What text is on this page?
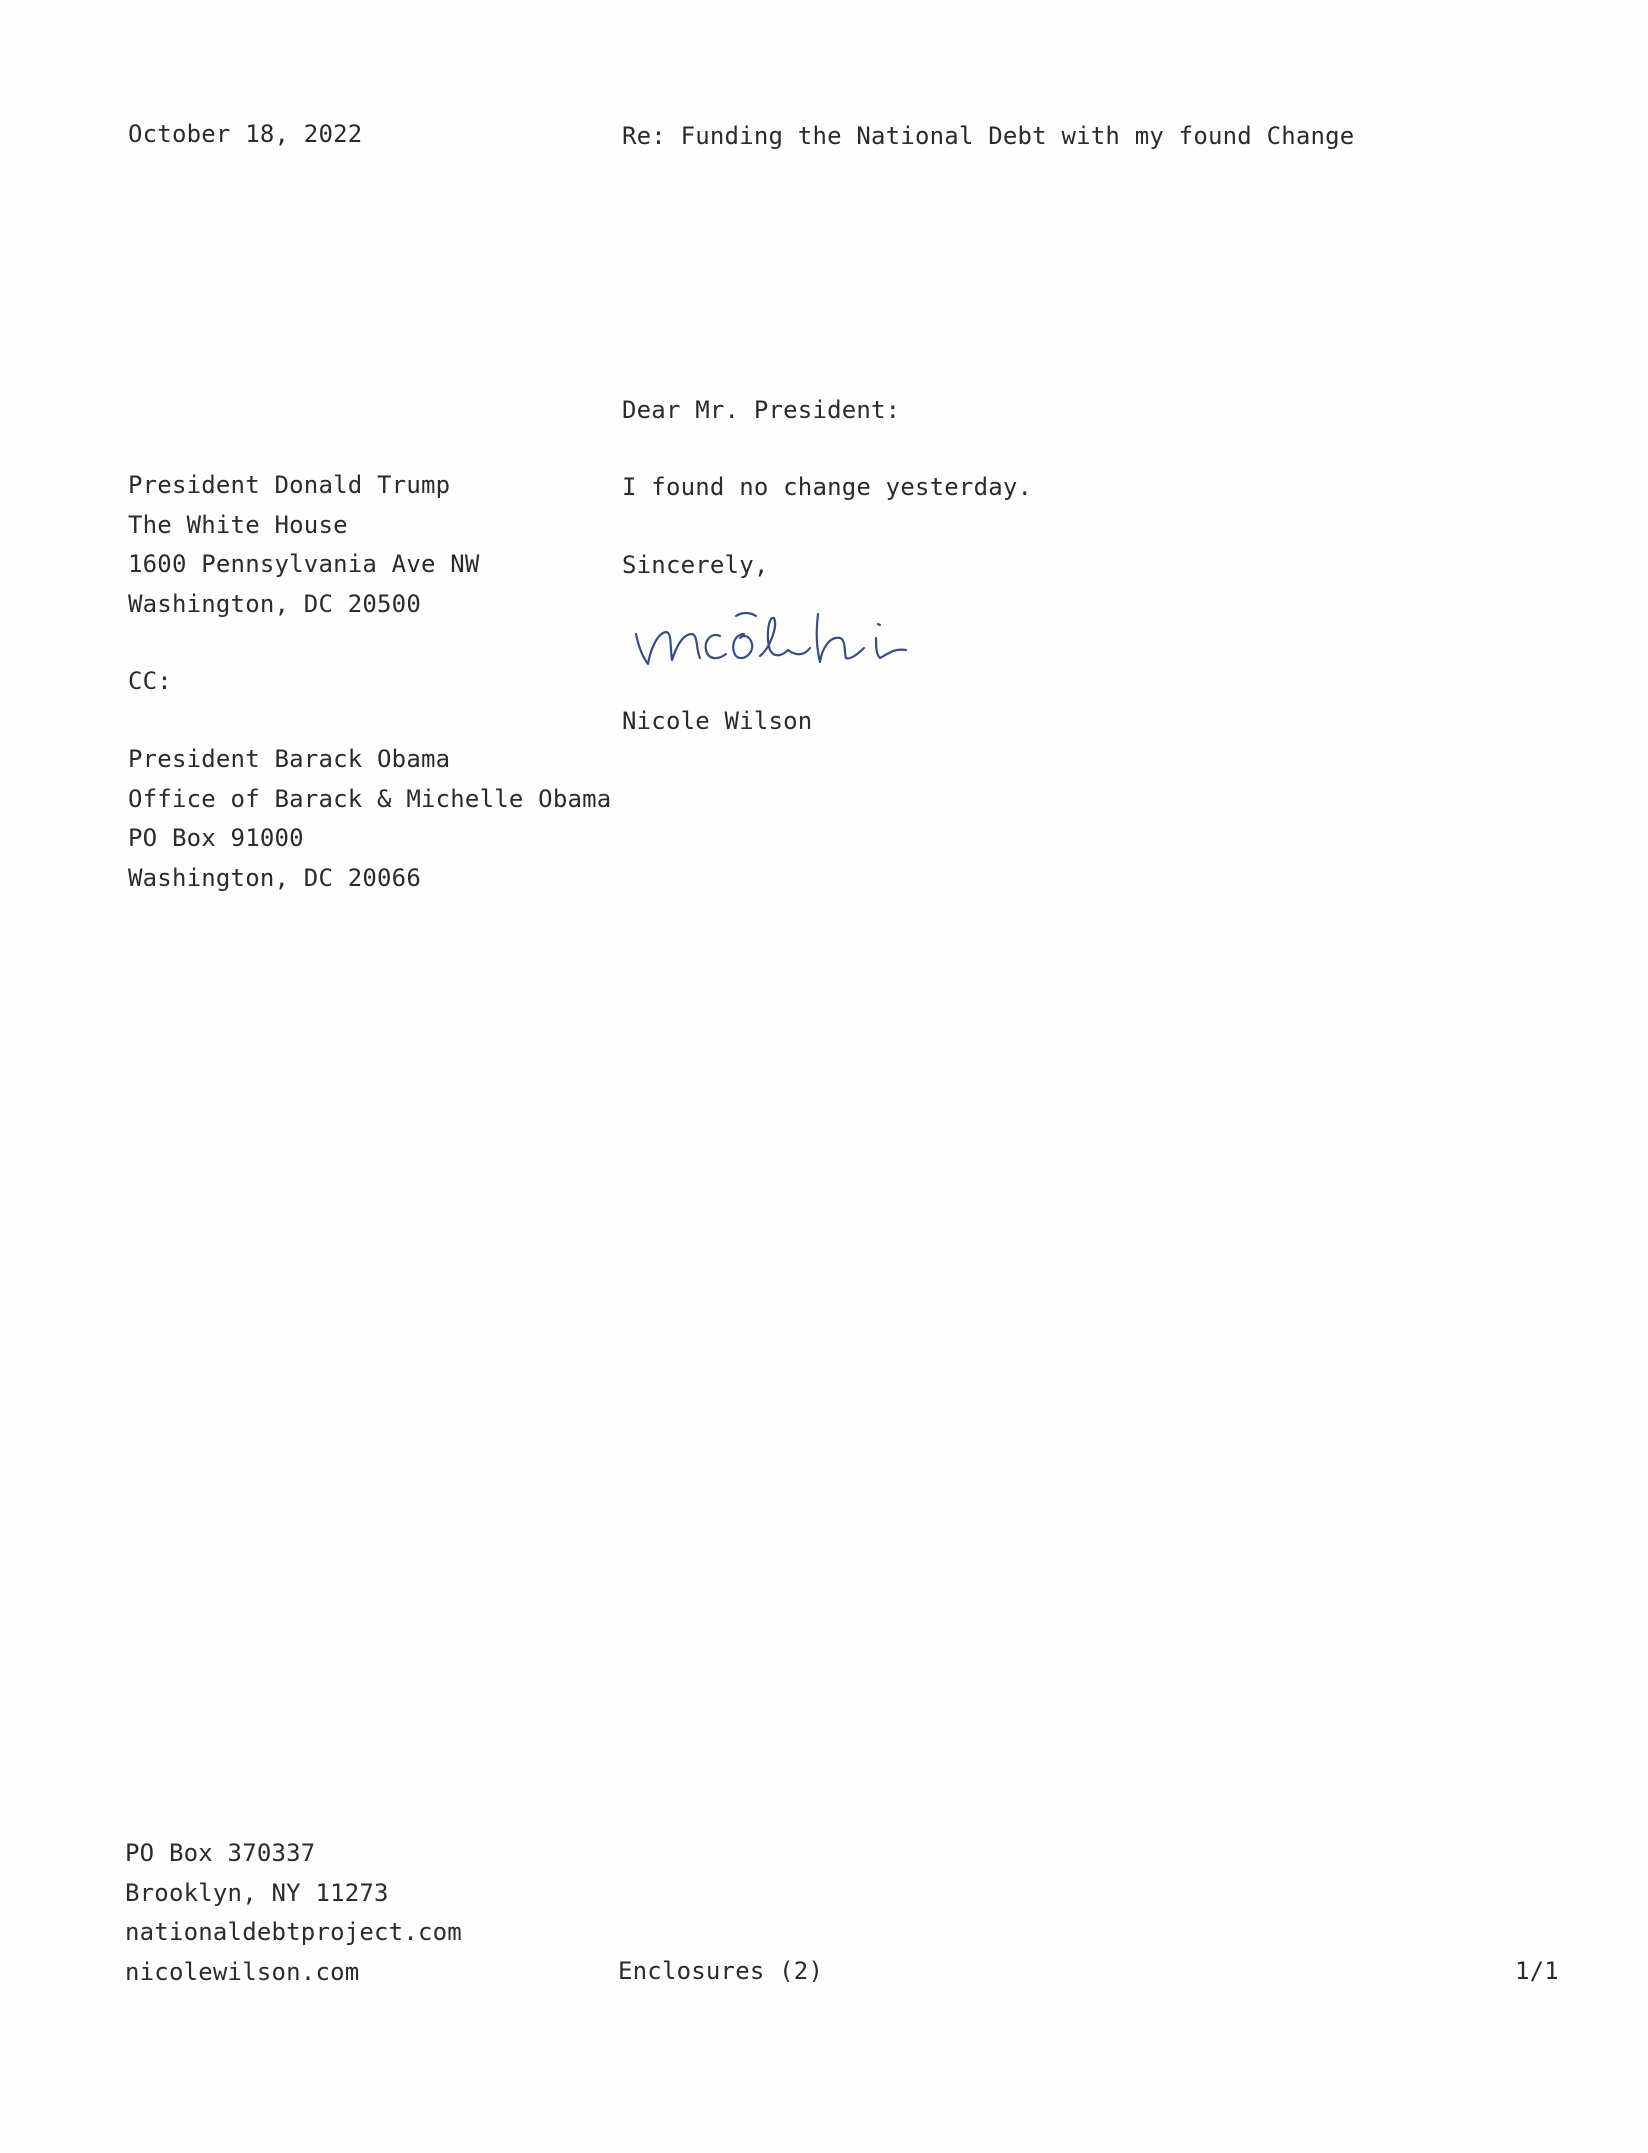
October 18, 2022	Re: Funding the National Debt with my found Change
Dear Mr. President:
President Donald Trump
The White House
1600 Pennsylvania Ave NW
Washington, DC 20500
I found no change yesterday.
Sincerely,
CC:
Nicole Wilson
President Barack Obama
Office of Barack & Michelle Obama
PO Box 91000
Washington, DC 20066
PO Box 370337
Brooklyn, NY 11273
nationaldebtproject.com
nicolewilson.com	Enclosures (2)	1/1
